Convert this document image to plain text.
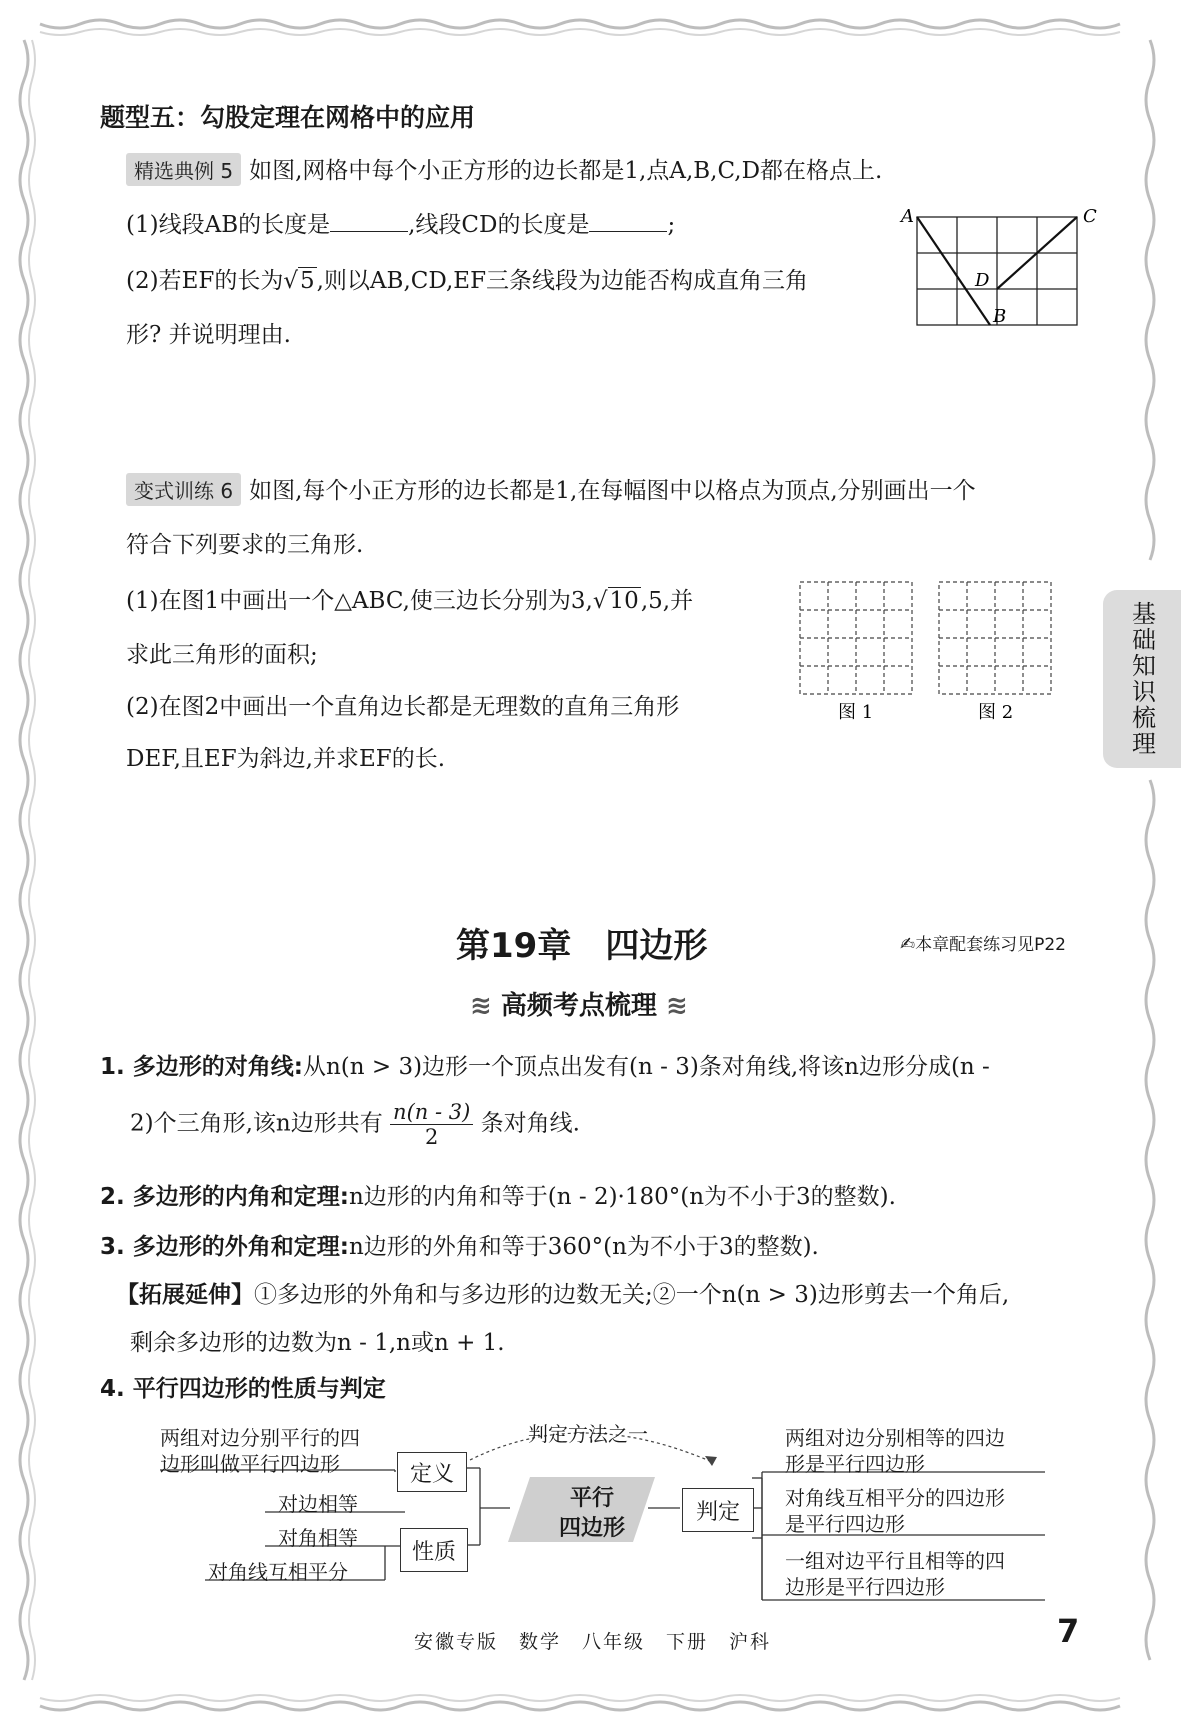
题型五：勾股定理在网格中的应用
精选典例 5 如图,网格中每个小正方形的边长都是1,点A,B,C,D都在格点上.
(1)线段AB的长度是	,线段CD的长度是	;
(2)若EF的长为√5,则以AB,CD,EF三条线段为边能否构成直角三角
形? 并说明理由.
A	C
D
B
变式训练 6 如图,每个小正方形的边长都是1,在每幅图中以格点为顶点,分别画出一个
符合下列要求的三角形.
(1)在图1中画出一个△ABC,使三边长分别为3,√10,5,并
求此三角形的面积;
(2)在图2中画出一个直角边长都是无理数的直角三角形
DEF,且EF为斜边,并求EF的长.
图 1	图 2	基础知识梳理
第19章　四边形	✍本章配套练习见P22
≋ 高频考点梳理 ≋
1. 多边形的对角线:从n(n > 3)边形一个顶点出发有(n - 3)条对角线,将该n边形分成(n -
2)个三角形,该n边形共有 $\frac{n(n - 3)}{2}$ 条对角线.
2. 多边形的内角和定理:n边形的内角和等于(n - 2)·180°(n为不小于3的整数).
3. 多边形的外角和定理:n边形的外角和等于360°(n为不小于3的整数).
【拓展延伸】①多边形的外角和与多边形的边数无关;②一个n(n > 3)边形剪去一个角后,
剩余多边形的边数为n - 1,n或n + 1.
4. 平行四边形的性质与判定
两组对边分别平行的四
边形叫做平行四边形	定义
对边相等
对角相等
对角线互相平分
性质
平行
四边形
判定方法之一
判定
两组对边分别相等的四边
形是平行四边形
对角线互相平分的四边形
是平行四边形
一组对边平行且相等的四
边形是平行四边形
安徽专版　数学　八年级　下册　沪科	7
